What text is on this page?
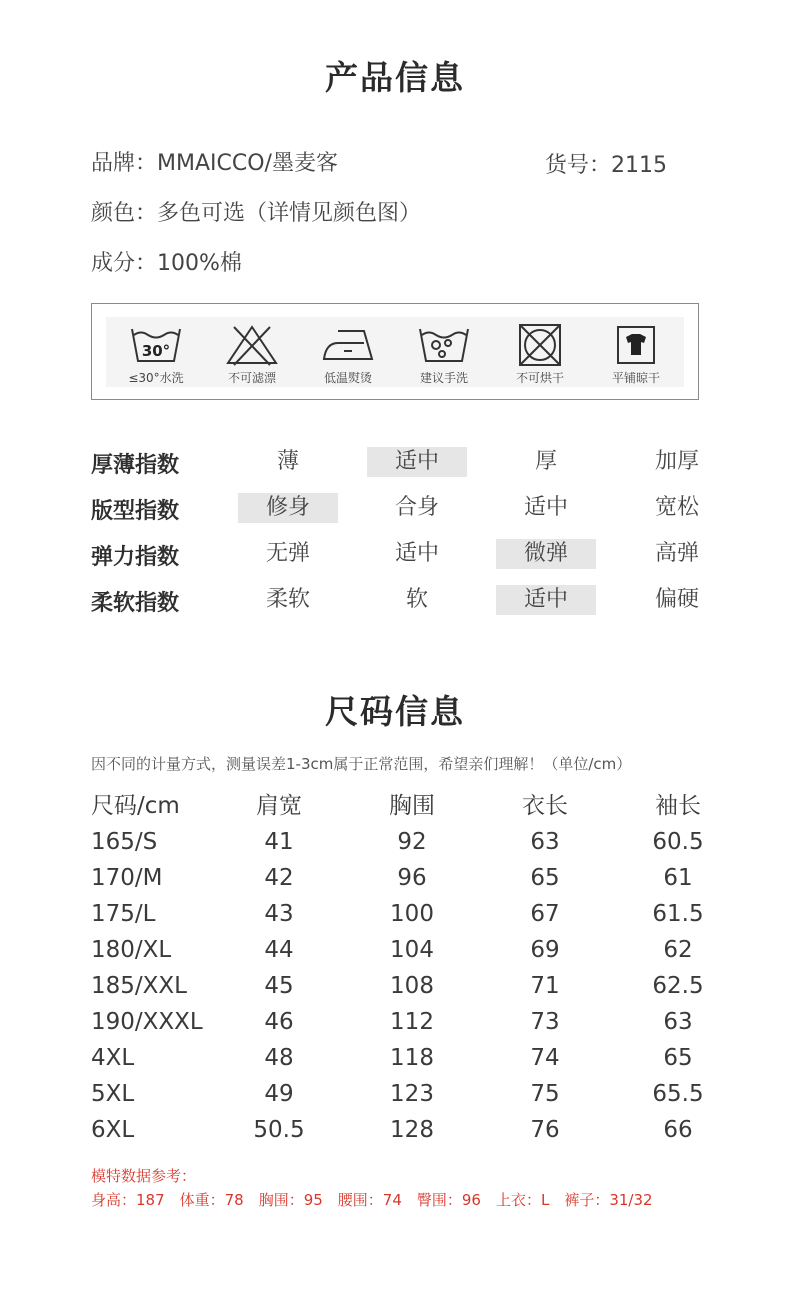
产品信息
品牌：MMAICCO/墨麦客	货号：2115
颜色：多色可选（详情见颜色图）
成分：100%棉
30°
≤30°水洗	不可滤漂	低温熨烫	建议手洗	不可烘干	平铺晾干
厚薄指数	薄	适中	厚	加厚
版型指数	修身	合身	适中	宽松
弹力指数	无弹	适中	微弹	高弹
柔软指数	柔软	软	适中	偏硬
尺码信息
因不同的计量方式，测量误差1-3cm属于正常范围，希望亲们理解！（单位/cm）
尺码/cm	肩宽	胸围	衣长	袖长
165/S	41	92	63	60.5
170/M	42	96	65	61
175/L	43	100	67	61.5
180/XL	44	104	69	62
185/XXL	45	108	71	62.5
190/XXXL	46	112	73	63
4XL	48	118	74	65
5XL	49	123	75	65.5
6XL	50.5	128	76	66
模特数据参考：
身高：187　体重：78　胸围：95　腰围：74　臀围：96　上衣：L　裤子：31/32
